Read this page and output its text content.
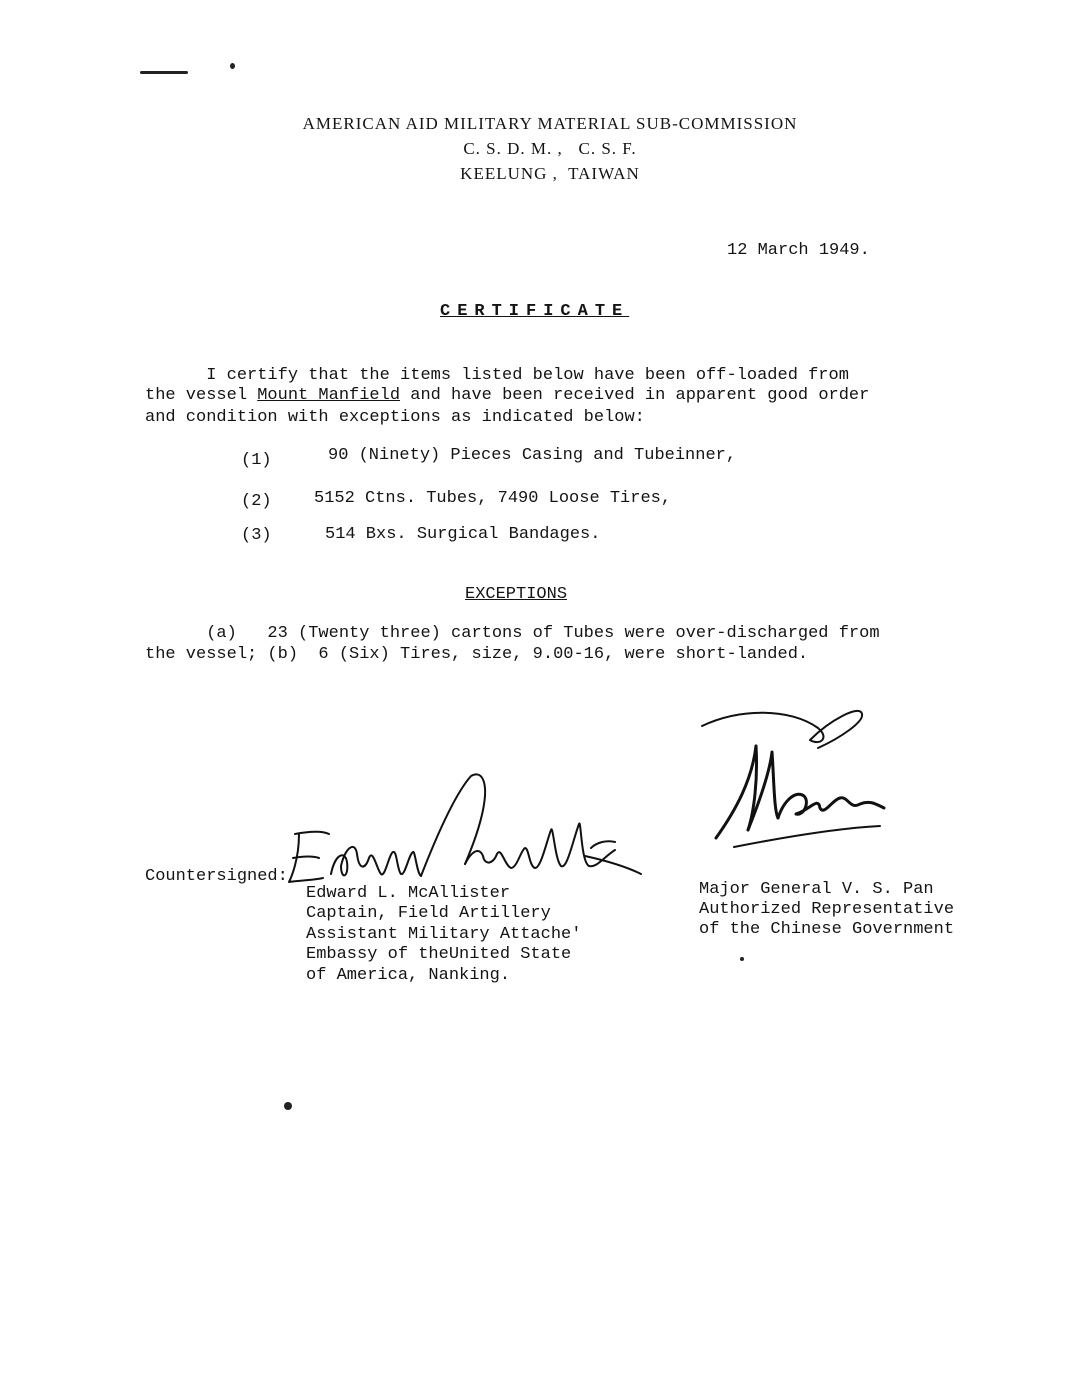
AMERICAN AID MILITARY MATERIAL SUB-COMMISSION
C. S. D. M. ,   C. S. F.
KEELUNG ,  TAIWAN
12 March 1949.
CERTIFICATE
I certify that the items listed below have been off-loaded from
the vessel Mount Manfield and have been received in apparent good order
and condition with exceptions as indicated below:
(1)	90 (Ninety) Pieces Casing and Tubeinner,
(2) 5152 Ctns. Tubes, 7490 Loose Tires,
(3)	514 Bxs. Surgical Bandages.
EXCEPTIONS
(a)   23 (Twenty three) cartons of Tubes were over-discharged from
the vessel; (b)  6 (Six) Tires, size, 9.00-16, were short-landed.
Countersigned:
Edward L. McAllister
Captain, Field Artillery
Assistant Military Attache'
Embassy of theUnited State
of America, Nanking.
Major General V. S. Pan
Authorized Representative
of the Chinese Government
